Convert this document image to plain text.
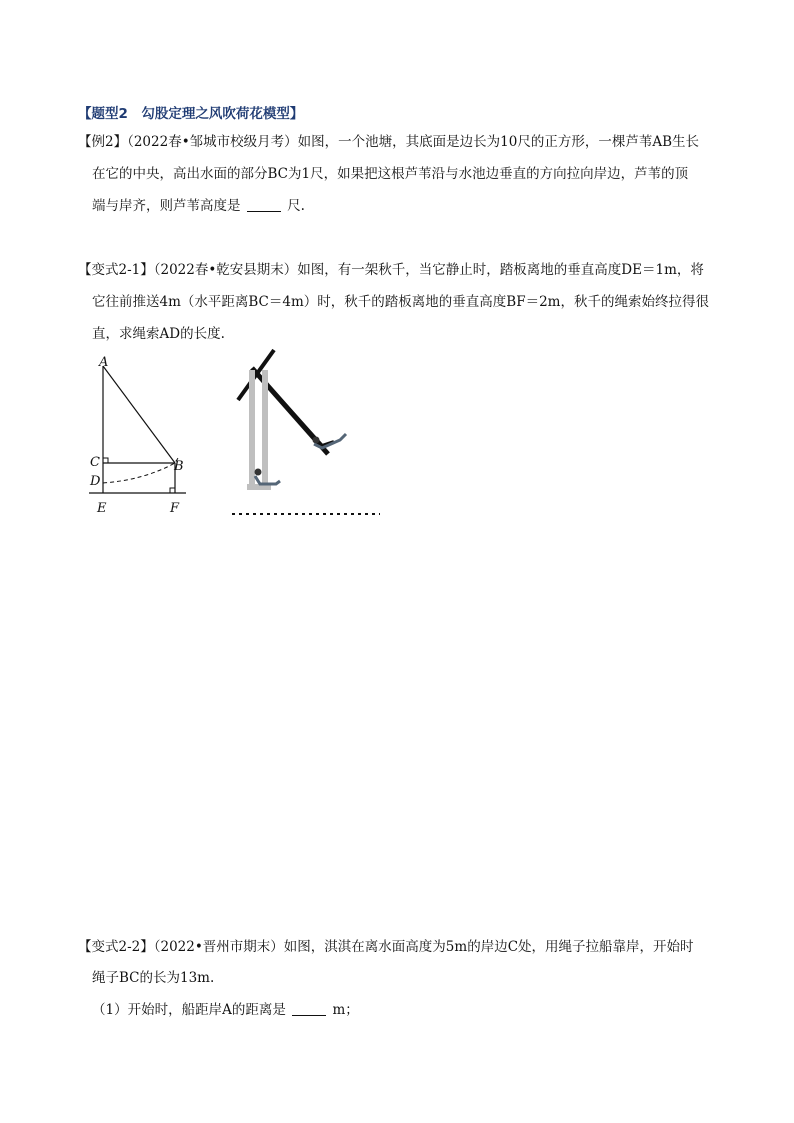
【题型2　勾股定理之风吹荷花模型】
【例2】（2022春•邹城市校级月考）如图，一个池塘，其底面是边长为10尺的正方形，一棵芦苇AB生长
在它的中央，高出水面的部分BC为1尺，如果把这根芦苇沿与水池边垂直的方向拉向岸边，芦苇的顶
端与岸齐，则芦苇高度是	尺.
【变式2-1】（2022春•乾安县期末）如图，有一架秋千，当它静止时，踏板离地的垂直高度DE＝1m，将
它往前推送4m（水平距离BC＝4m）时，秋千的踏板离地的垂直高度BF＝2m，秋千的绳索始终拉得很
直，求绳索AD的长度.
A
C	B
D
E	F
【变式2-2】（2022•晋州市期末）如图，淇淇在离水面高度为5m的岸边C处，用绳子拉船靠岸，开始时
绳子BC的长为13m.
（1）开始时，船距岸A的距离是	m；
